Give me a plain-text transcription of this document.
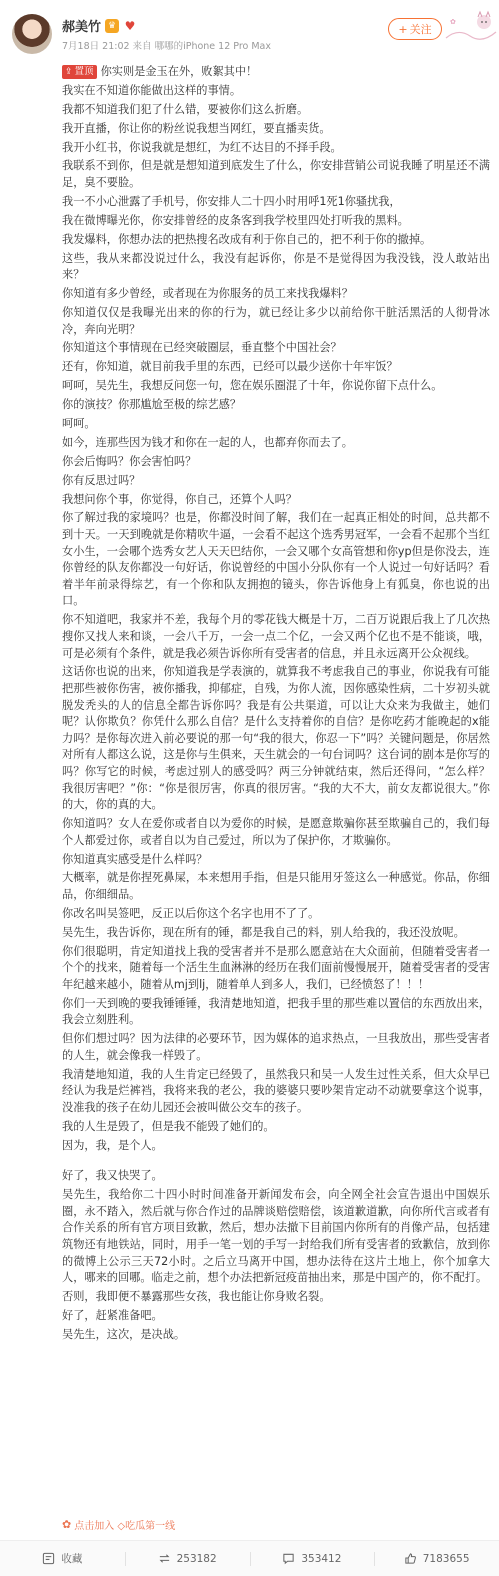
郝美竹 ♛ ♥
7月18日 21:02 来自 哪哪的iPhone 12 Pro Max
+ 关注
✿
⇪ 置顶 你实则是金玉在外，败絮其中！
我实在不知道你能做出这样的事情。
我都不知道我们犯了什么错，要被你们这么折磨。
我开直播，你让你的粉丝说我想当网红，要直播卖货。
我开小红书，你说我就是想红，为红不达目的不择手段。
我联系不到你，但是就是想知道到底发生了什么，你安排营销公司说我睡了明星还不满足，臭不要脸。
我一不小心泄露了手机号，你安排人二十四小时用呼1死1你骚扰我，
我在微博曝光你，你安排曾经的皮条客到我学校里四处打听我的黑料。
我发爆料，你想办法的把热搜名改成有利于你自己的，把不利于你的撤掉。
这些，我从来都没说过什么，我没有起诉你，你是不是觉得因为我没钱，没人敢站出来？
你知道有多少曾经，或者现在为你服务的员工来找我爆料？
你知道仅仅是我曝光出来的你的行为，就已经让多少以前给你干脏活黑活的人彻骨冰冷，奔向光明？
你知道这个事情现在已经突破圈层，垂直整个中国社会？
还有，你知道，就目前我手里的东西，已经可以最少送你十年牢饭？
呵呵，吴先生，我想反问您一句，您在娱乐圈混了十年，你说你留下点什么。
你的演技？你那尴尬至极的综艺感？
呵呵。
如今，连那些因为钱才和你在一起的人，也都弃你而去了。
你会后悔吗？你会害怕吗？
你有反思过吗？
我想问你个事，你觉得，你自己，还算个人吗？
你了解过我的家境吗？也是，你都没时间了解，我们在一起真正相处的时间，总共都不到十天。一天到晚就是你精吹牛逼，一会看不起这个选秀男冠军，一会看不起那个当红女小生，一会哪个选秀女艺人天天巴结你，一会又哪个女高管想和你yp但是你没去，连你曾经的队友你都没一句好话，你说曾经的中国小分队你有一个人说过一句好话吗？看着半年前录得综艺，有一个你和队友拥抱的镜头，你告诉他身上有狐臭，你也说的出口。
你不知道吧，我家并不差，我每个月的零花钱大概是十万，二百万说跟后我上了几次热搜你又找人来和谈，一会八千万，一会一点二个亿，一会又两个亿也不是不能谈，哦，可是必须有个条件，就是我必须告诉你所有受害者的信息，并且永远离开公众视线。
这话你也说的出来，你知道我是学表演的，就算我不考虑我自己的事业，你说我有可能把那些被你伤害，被你播我，抑郁症，自残，为你人流，因你感染性病，二十岁初头就脱发秃头的人的信息全都告诉你吗？我是有公共渠道，可以让大众来为我做主，她们呢？认你欺负？你凭什么那么自信？是什么支持着你的自信？是你吃药才能晚起的x能力吗？是你每次进入前必要说的那一句“我的很大，你忍一下”吗？关键问题是，你居然对所有人都这么说，这是你与生俱来，天生就会的一句台词吗？这台词的剧本是你写的吗？你写它的时候，考虑过别人的感受吗？两三分钟就结束，然后还得问，“怎么样？我很厉害吧？”你：“你是很厉害，你真的很厉害。“我的大不大，前女友都说很大。”你的大，你的真的大。
你知道吗？女人在爱你或者自以为爱你的时候，是愿意欺骗你甚至欺骗自己的，我们每个人都爱过你，或者自以为自己爱过，所以为了保护你，才欺骗你。
你知道真实感受是什么样吗？
大概率，就是你捏死鼻屎，本来想用手指，但是只能用牙签这么一种感觉。你品，你细品，你细细品。
你改名叫吴签吧，反正以后你这个名字也用不了了。
吴先生，我告诉你，现在所有的锤，都是我自己的料，别人给我的，我还没放呢。
你们很聪明，肯定知道找上我的受害者并不是那么愿意站在大众面前，但随着受害者一个个的找来，随着每一个活生生血淋淋的经历在我们面前慢慢展开，随着受害者的受害年纪越来越小，随着从mj到lj，随着单人到多人，我们，已经愤怒了！！！
你们一天到晚的要我锤锤锤，我清楚地知道，把我手里的那些难以置信的东西放出来，我会立刻胜利。
但你们想过吗？因为法律的必要环节，因为媒体的追求热点，一旦我放出，那些受害者的人生，就会像我一样毁了。
我清楚地知道，我的人生肯定已经毁了，虽然我只和吴一人发生过性关系，但大众早已经认为我是烂裤裆，我将来我的老公，我的婆婆只要吵架肯定动不动就要拿这个说事，没准我的孩子在幼儿园还会被叫做公交车的孩子。
我的人生是毁了，但是我不能毁了她们的。
因为，我，是个人。
好了，我又快哭了。
吴先生，我给你二十四小时时间准备开新闻发布会，向全网全社会宣告退出中国娱乐圈，永不踏入，然后就与你合作过的品牌谈赔偿赔偿，该道歉道歉，向你所代言或者有合作关系的所有官方项目致歉，然后，想办法撤下目前国内你所有的肖像产品，包括建筑物还有地铁站，同时，用手一笔一划的手写一封给我们所有受害者的致歉信，放到你的微博上公示三天72小时。之后立马离开中国，想办法待在这片土地上，你个加拿大人，哪来的回哪。临走之前，想个办法把新冠疫苗抽出来，那是中国产的，你不配打。
否则，我即便不暴露那些女孩，我也能让你身败名裂。
好了，赶紧准备吧。
吴先生，这次，是决战。
✿ 点击加入 ◇吃瓜第一线
收藏	253182	353412	7183655
